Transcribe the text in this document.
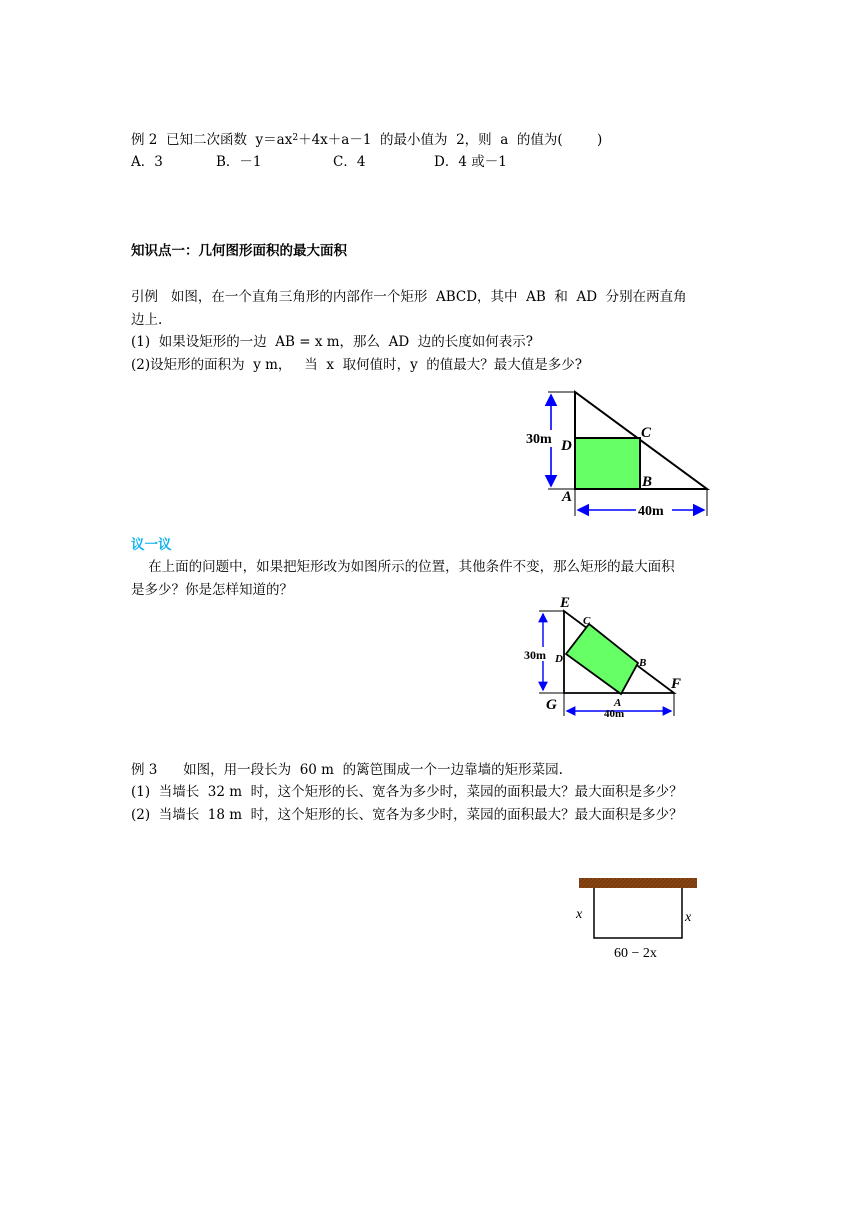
例 2  已知二次函数  $y=ax^2+4x+a-1$  的最小值为  2，则  a  的值为(        )
A．3	B．－1	C．4	D．4 或－1
知识点一：几何图形面积的最大面积
引例   如图，在一个直角三角形的内部作一个矩形  ABCD，其中  AB  和  AD  分别在两直角
边上.
(1)  如果设矩形的一边  AB = x m，那么  AD  边的长度如何表示?
(2)设矩形的面积为  y m，   当  x  取何值时，y  的值最大？最大值是多少?
30m
40m
D
C
B
A
议一议
在上面的问题中，如果把矩形改为如图所示的位置，其他条件不变，那么矩形的最大面积
是多少？你是怎样知道的？
30m
40m
E
F
G
C
D	B
A
例 3      如图，用一段长为  60 m  的篱笆围成一个一边靠墙的矩形菜园.
(1)  当墙长  32 m  时，这个矩形的长、宽各为多少时，菜园的面积最大？最大面积是多少？
(2)  当墙长  18 m  时，这个矩形的长、宽各为多少时，菜园的面积最大？最大面积是多少？
x	x
60 − 2x
